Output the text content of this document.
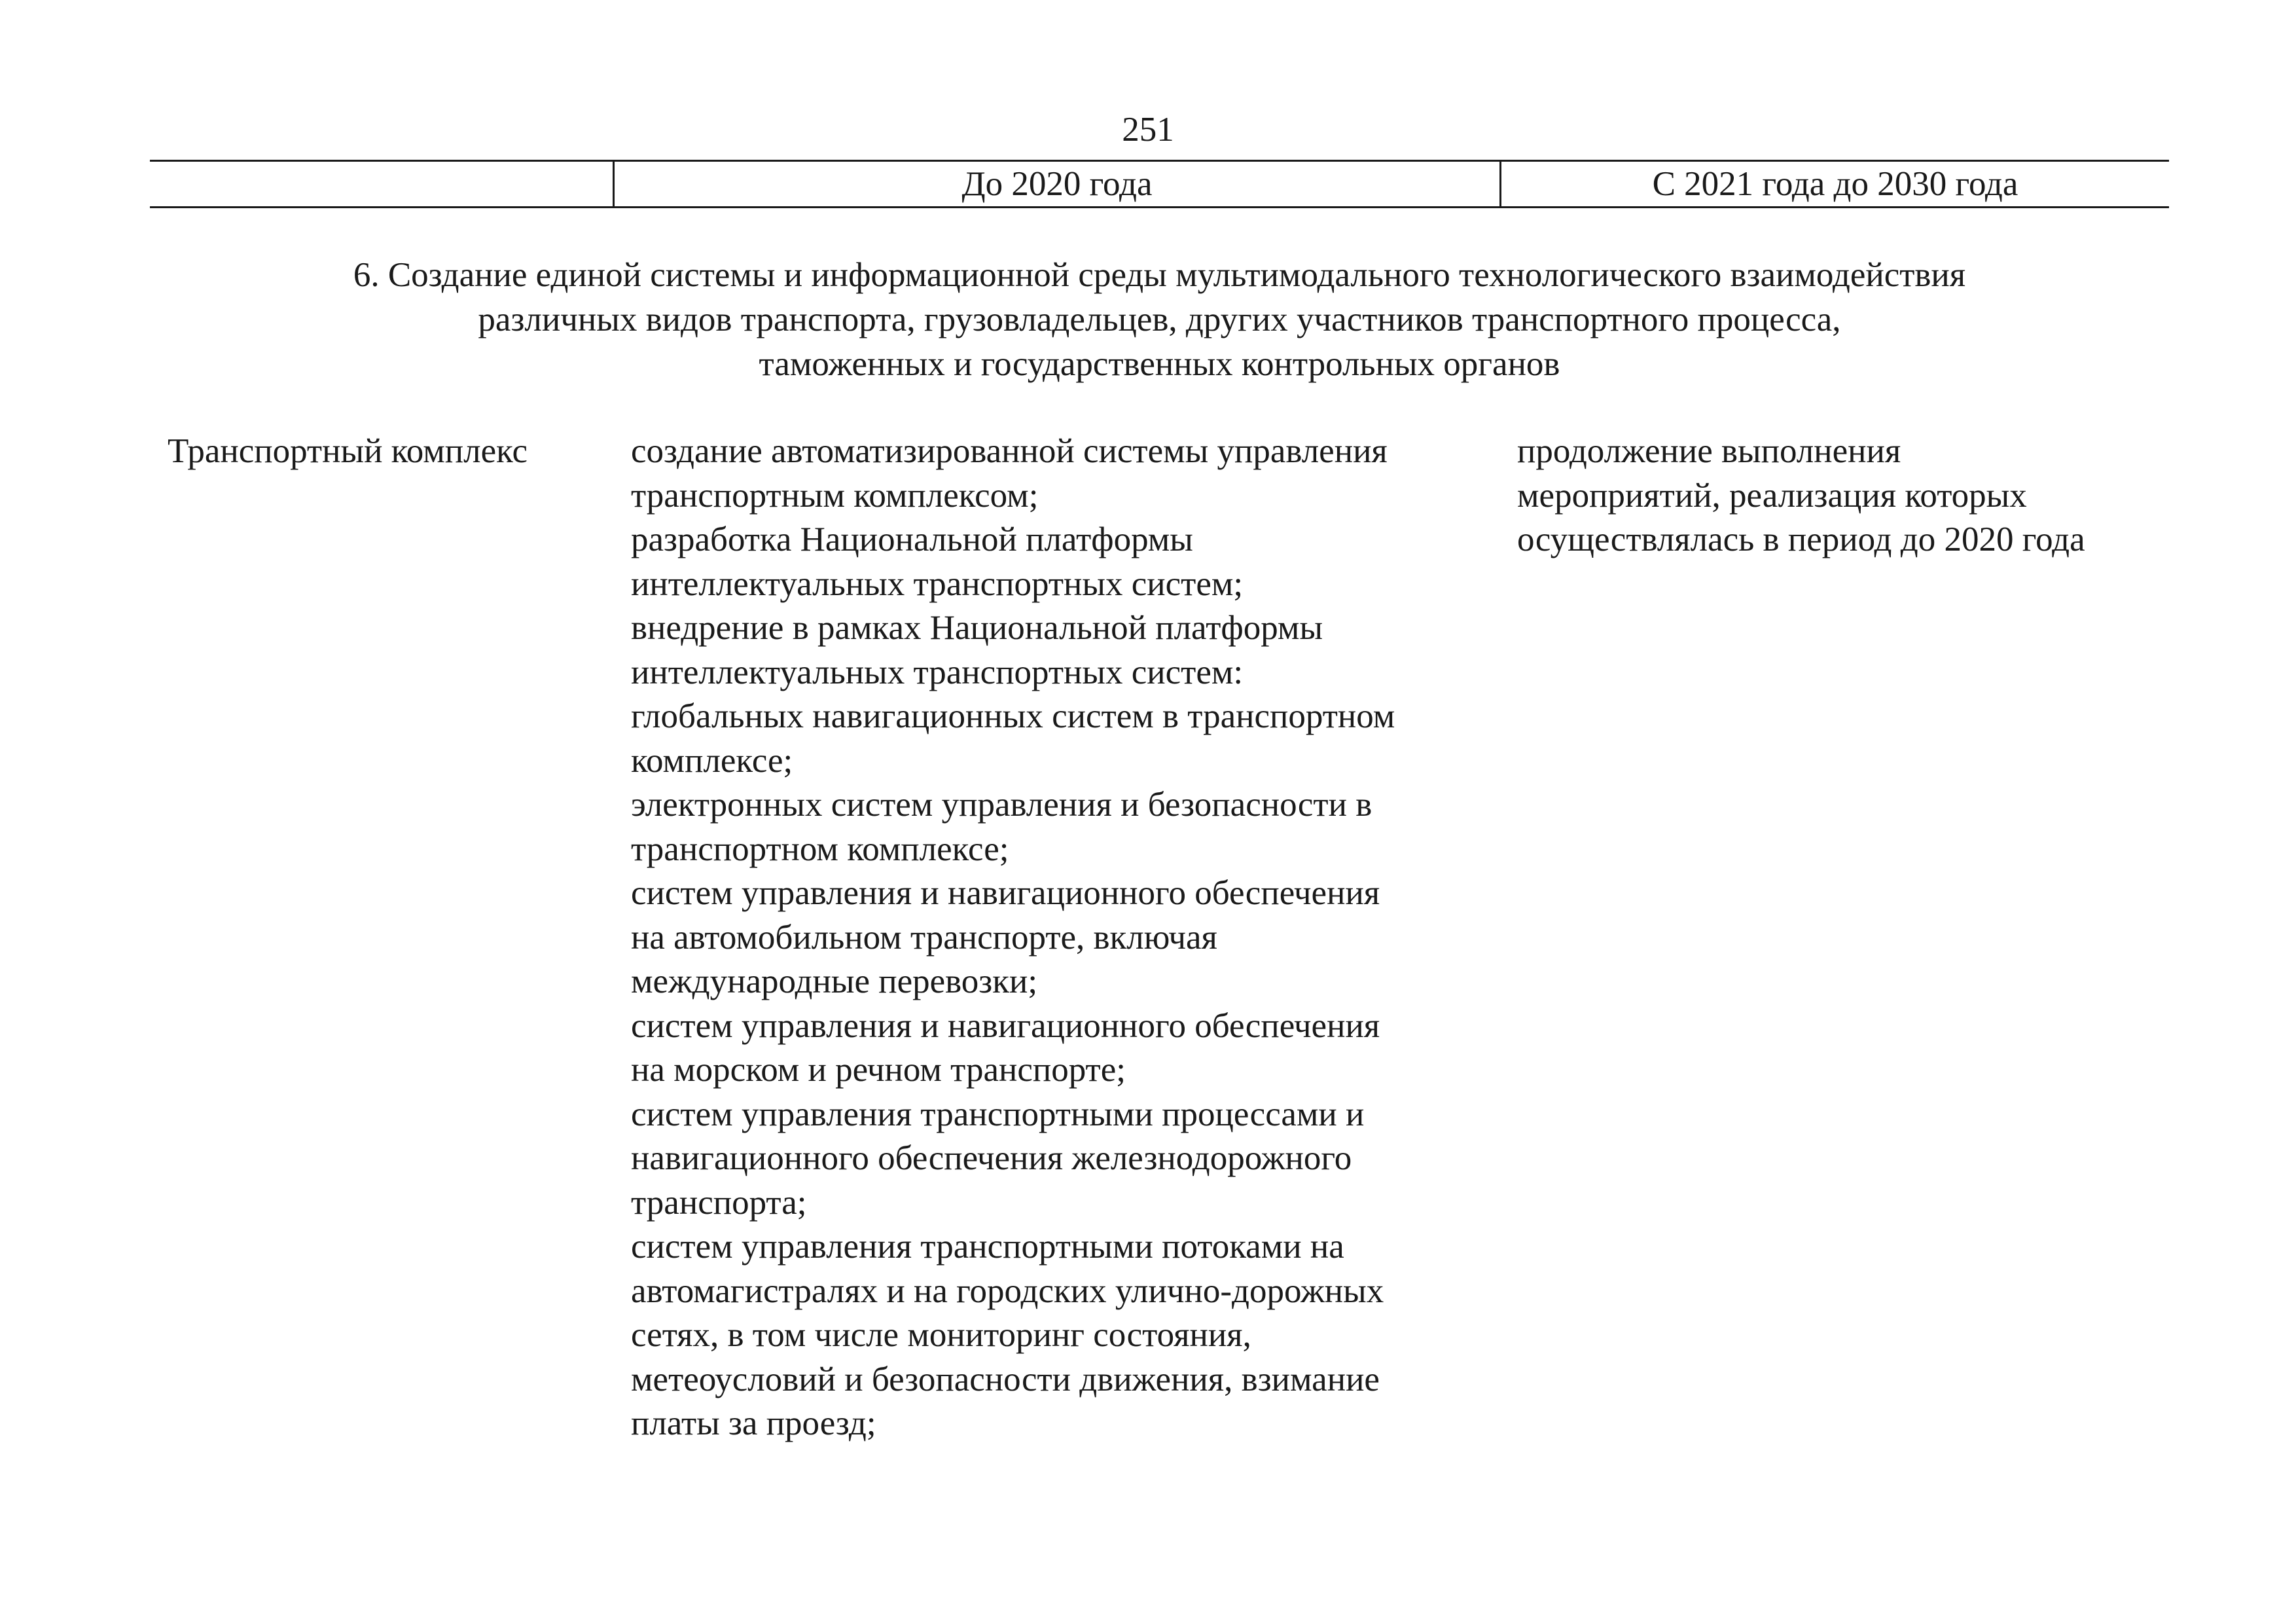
251
До 2020 года	С 2021 года до 2030 года
6. Создание единой системы и информационной среды мультимодального технологического взаимодействия
различных видов транспорта, грузовладельцев, других участников транспортного процесса,
таможенных и государственных контрольных органов
Транспортный комплекс	создание автоматизированной системы управления
транспортным комплексом;
разработка Национальной платформы
интеллектуальных транспортных систем;
внедрение в рамках Национальной платформы
интеллектуальных транспортных систем:
глобальных навигационных систем в транспортном
комплексе;
электронных систем управления и безопасности в
транспортном комплексе;
систем управления и навигационного обеспечения
на автомобильном транспорте, включая
международные перевозки;
систем управления и навигационного обеспечения
на морском и речном транспорте;
систем управления транспортными процессами и
навигационного обеспечения железнодорожного
транспорта;
систем управления транспортными потоками на
автомагистралях и на городских улично-дорожных
сетях, в том числе мониторинг состояния,
метеоусловий и безопасности движения, взимание
платы за проезд;
продолжение выполнения
мероприятий, реализация которых
осуществлялась в период до 2020 года
